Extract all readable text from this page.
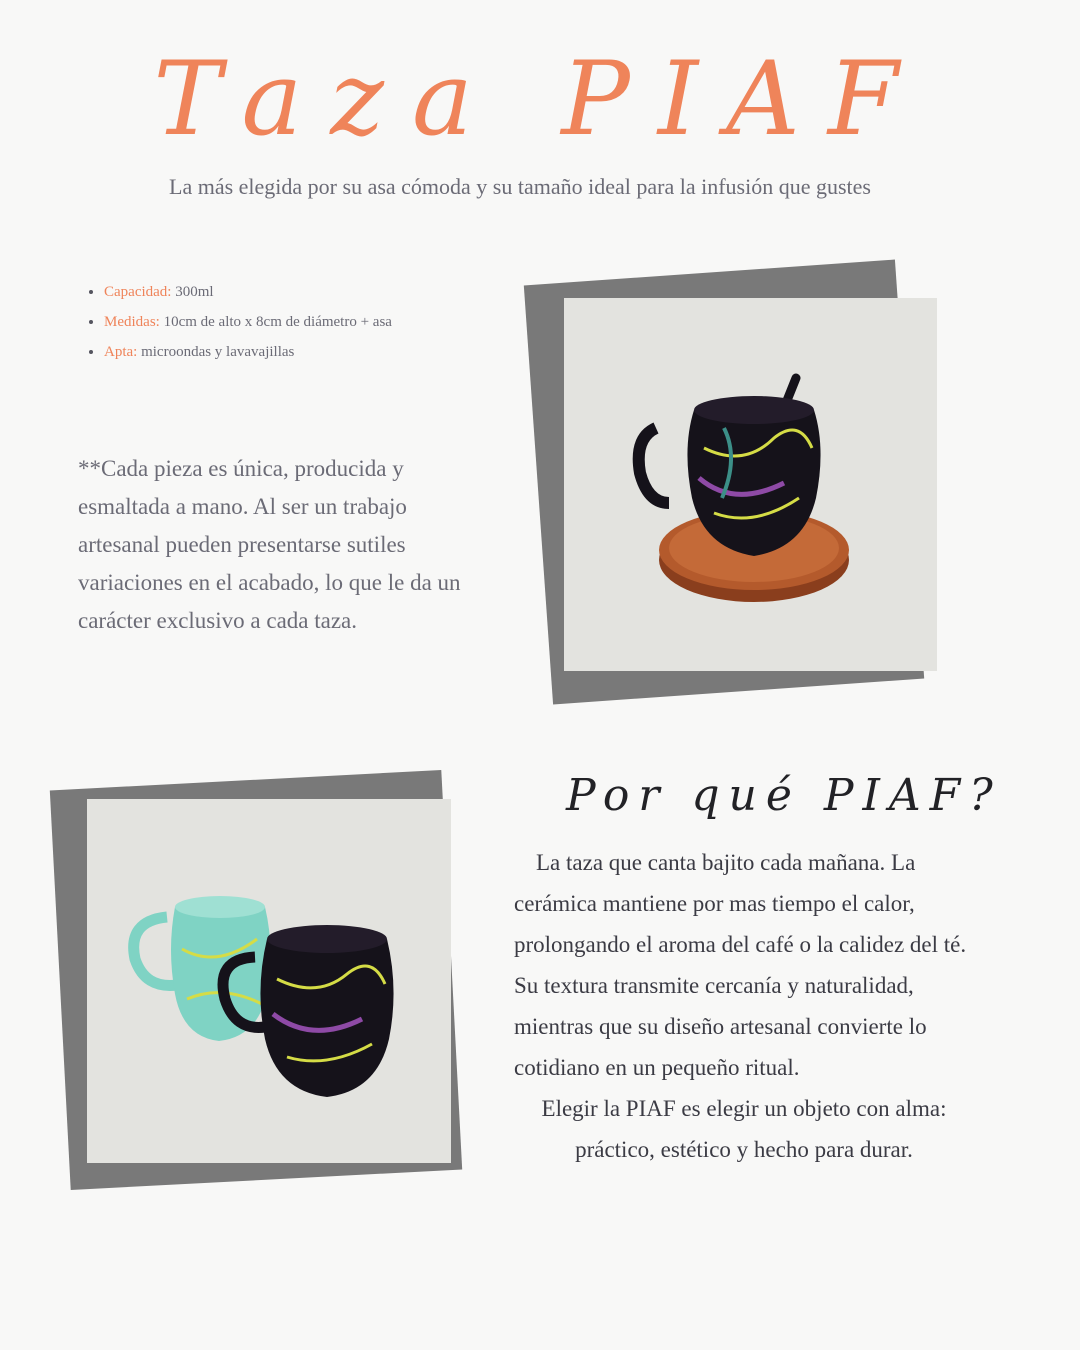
Taza PIAF

La más elegida por su asa cómoda y su tamaño ideal para la infusión que gustes

• Capacidad: 300ml
• Medidas: 10cm de alto x 8cm de diámetro + asa
• Apta: microondas y lavavajillas

**Cada pieza es única, producida y esmaltada a mano. Al ser un trabajo artesanal pueden presentarse sutiles variaciones en el acabado, lo que le da un carácter exclusivo a cada taza.

Por qué PIAF?

La taza que canta bajito cada mañana. La cerámica mantiene por mas tiempo el calor, prolongando el aroma del café o la calidez del té. Su textura transmite cercanía y naturalidad, mientras que su diseño artesanal convierte lo cotidiano en un pequeño ritual.

Elegir la PIAF es elegir un objeto con alma: práctico, estético y hecho para durar.
